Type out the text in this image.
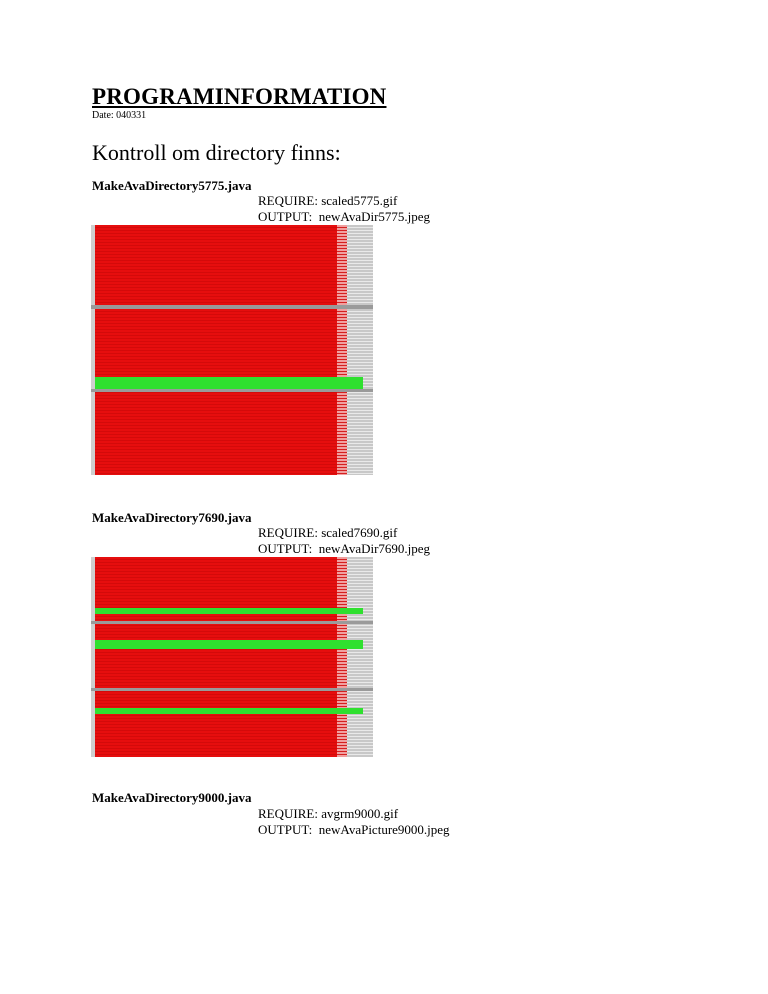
PROGRAMINFORMATION
Date: 040331
Kontroll om directory finns:
MakeAvaDirectory5775.java
REQUIRE: scaled5775.gif
OUTPUT:  newAvaDir5775.jpeg
MakeAvaDirectory7690.java
REQUIRE: scaled7690.gif
OUTPUT:  newAvaDir7690.jpeg
MakeAvaDirectory9000.java
REQUIRE: avgrm9000.gif
OUTPUT:  newAvaPicture9000.jpeg
